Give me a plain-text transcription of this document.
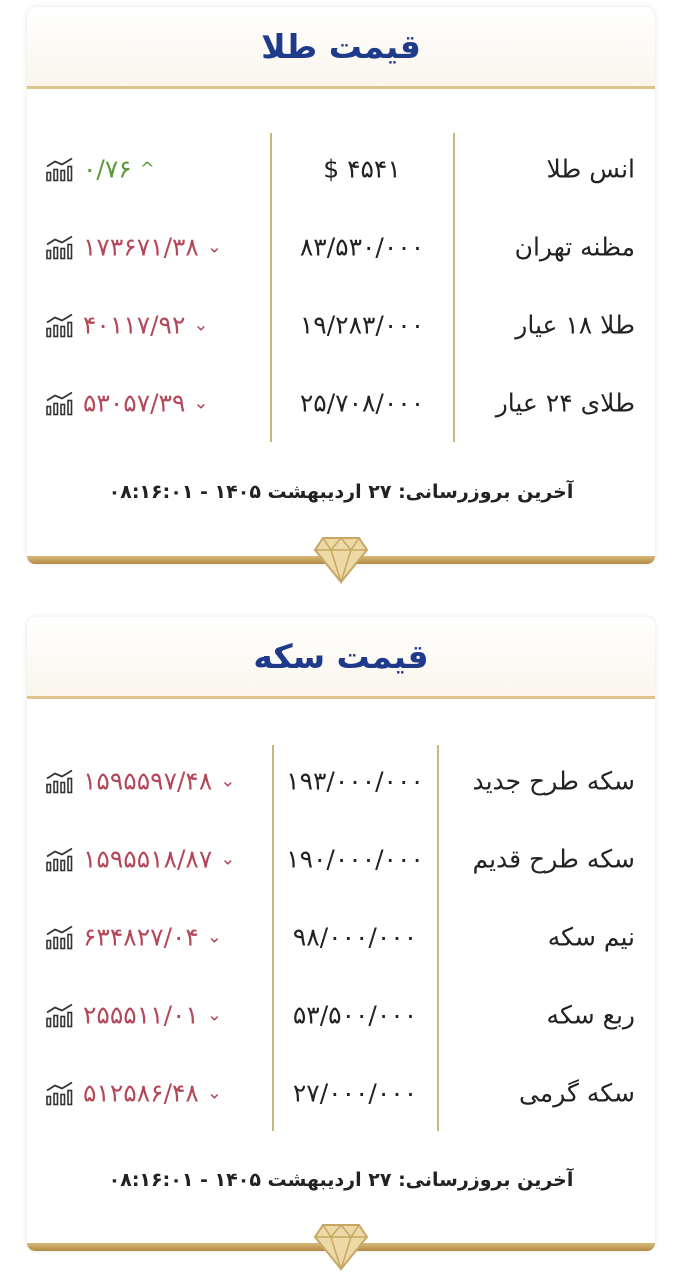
قیمت طلا
قیمت سکه
انس طلا
۴۵۴۱ $
۰/۷۶ ^
مظنه تهران
۸۳/۵۳۰/۰۰۰
۱۷۳۶۷۱/۳۸ ⌄
طلا ۱۸ عیار
۱۹/۲۸۳/۰۰۰
۴۰۱۱۷/۹۲ ⌄
طلای ۲۴ عیار
۲۵/۷۰۸/۰۰۰
۵۳۰۵۷/۳۹ ⌄
آخرین بروزرسانی: ۲۷ اردیبهشت ۱۴۰۵ - ۰۸:۱۶:۰۱
سکه طرح جدید
۱۹۳/۰۰۰/۰۰۰
۱۵۹۵۵۹۷/۴۸ ⌄
سکه طرح قدیم
۱۹۰/۰۰۰/۰۰۰
۱۵۹۵۵۱۸/۸۷ ⌄
نیم سکه
۹۸/۰۰۰/۰۰۰
۶۳۴۸۲۷/۰۴ ⌄
ربع سکه
۵۳/۵۰۰/۰۰۰
۲۵۵۵۱۱/۰۱ ⌄
سکه گرمی
۲۷/۰۰۰/۰۰۰
۵۱۲۵۸۶/۴۸ ⌄
آخرین بروزرسانی: ۲۷ اردیبهشت ۱۴۰۵ - ۰۸:۱۶:۰۱
